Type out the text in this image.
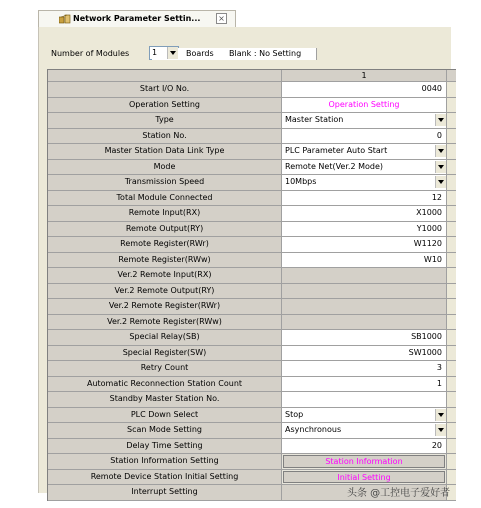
Network Parameter Settin... ×
Number of Modules	1	Boards Blank : No Setting
1
Start I/O No.	0040
Operation Setting	Operation Setting
Type	Master Station
Station No.	0
Master Station Data Link Type	PLC Parameter Auto Start
Mode	Remote Net(Ver.2 Mode)
Transmission Speed	10Mbps
Total Module Connected	12
Remote Input(RX)	X1000
Remote Output(RY)	Y1000
Remote Register(RWr)	W1120
Remote Register(RWw)	W10
Ver.2 Remote Input(RX)
Ver.2 Remote Output(RY)
Ver.2 Remote Register(RWr)
Ver.2 Remote Register(RWw)
Special Relay(SB)	SB1000
Special Register(SW)	SW1000
Retry Count	3
Automatic Reconnection Station Count	1
Standby Master Station No.
PLC Down Select	Stop
Scan Mode Setting	Asynchronous
Delay Time Setting	20
Station Information Setting	Station Information
Remote Device Station Initial Setting	Initial Setting
Interrupt Setting	头条 @工控电子爱好者
